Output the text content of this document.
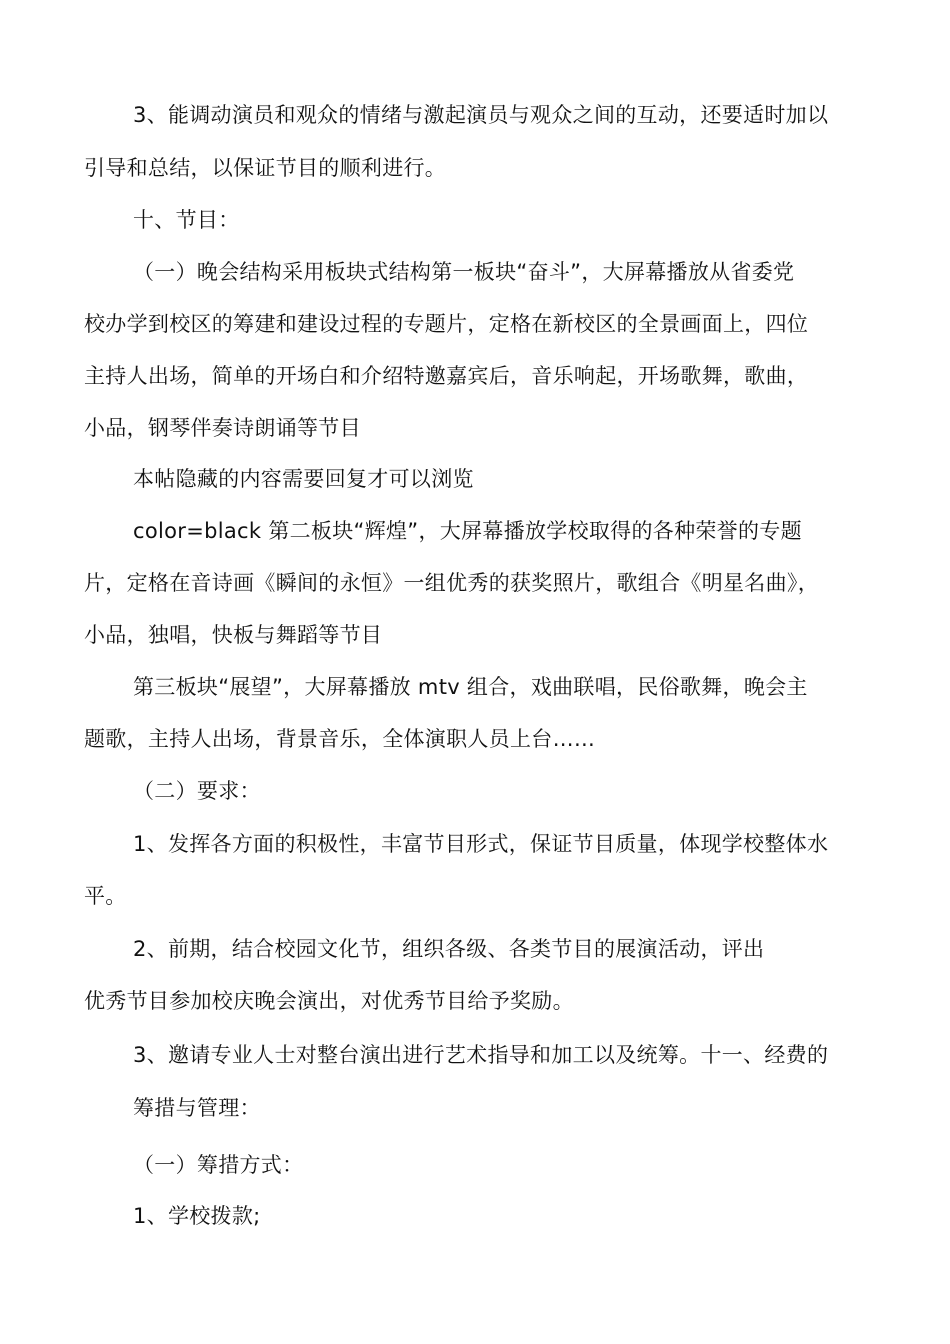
3、能调动演员和观众的情绪与激起演员与观众之间的互动，还要适时加以
引导和总结，以保证节目的顺利进行。
十、节目：
（一）晚会结构采用板块式结构第一板块“奋斗”，大屏幕播放从省委党
校办学到校区的筹建和建设过程的专题片，定格在新校区的全景画面上，四位
主持人出场，简单的开场白和介绍特邀嘉宾后，音乐响起，开场歌舞，歌曲，
小品，钢琴伴奏诗朗诵等节目
本帖隐藏的内容需要回复才可以浏览
color=black 第二板块“辉煌”，大屏幕播放学校取得的各种荣誉的专题
片，定格在音诗画《瞬间的永恒》一组优秀的获奖照片，歌组合《明星名曲》，
小品，独唱，快板与舞蹈等节目
第三板块“展望”，大屏幕播放 mtv 组合，戏曲联唱，民俗歌舞，晚会主
题歌，主持人出场，背景音乐，全体演职人员上台……
（二）要求：
1、发挥各方面的积极性，丰富节目形式，保证节目质量，体现学校整体水
平。
2、前期，结合校园文化节，组织各级、各类节目的展演活动，评出
优秀节目参加校庆晚会演出，对优秀节目给予奖励。
3、邀请专业人士对整台演出进行艺术指导和加工以及统筹。十一、经费的
筹措与管理：
（一）筹措方式：
1、学校拨款;
